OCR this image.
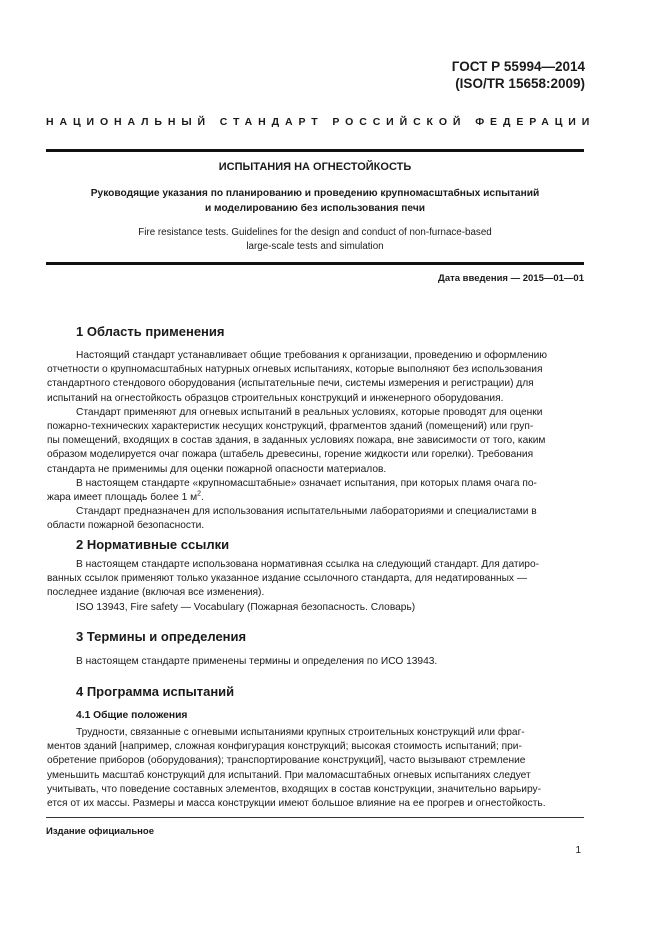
ГОСТ Р 55994—2014
(ISO/TR 15658:2009)
НАЦИОНАЛЬНЫЙ СТАНДАРТ РОССИЙСКОЙ ФЕДЕРАЦИИ
ИСПЫТАНИЯ НА ОГНЕСТОЙКОСТЬ
Руководящие указания по планированию и проведению крупномасштабных испытаний
и моделированию без использования печи
Fire resistance tests. Guidelines for the design and conduct of non-furnace-based
large-scale tests and simulation
Дата введения — 2015—01—01
1 Область применения
Настоящий стандарт устанавливает общие требования к организации, проведению и оформлению
отчетности о крупномасштабных натурных огневых испытаниях, которые выполняют без использования
стандартного стендового оборудования (испытательные печи, системы измерения и регистрации) для
испытаний на огнестойкость образцов строительных конструкций и инженерного оборудования.
Стандарт применяют для огневых испытаний в реальных условиях, которые проводят для оценки
пожарно-технических характеристик несущих конструкций, фрагментов зданий (помещений) или груп-
пы помещений, входящих в состав здания, в заданных условиях пожара, вне зависимости от того, каким
образом моделируется очаг пожара (штабель древесины, горение жидкости или горелки). Требования
стандарта не применимы для оценки пожарной опасности материалов.
В настоящем стандарте «крупномасштабные» означает испытания, при которых пламя очага по-
жара имеет площадь более 1 $м^2$.
Стандарт предназначен для использования испытательными лабораториями и специалистами в
области пожарной безопасности.
2 Нормативные ссылки
В настоящем стандарте использована нормативная ссылка на следующий стандарт. Для датиро-
ванных ссылок применяют только указанное издание ссылочного стандарта, для недатированных —
последнее издание (включая все изменения).
ISO 13943, Fire safety — Vocabulary (Пожарная безопасность. Словарь)
3 Термины и определения
В настоящем стандарте применены термины и определения по ИСО 13943.
4 Программа испытаний
4.1 Общие положения
Трудности, связанные с огневыми испытаниями крупных строительных конструкций или фраг-
ментов зданий [например, сложная конфигурация конструкций; высокая стоимость испытаний; при-
обретение приборов (оборудования); транспортирование конструкций], часто вызывают стремление
уменьшить масштаб конструкций для испытаний. При маломасштабных огневых испытаниях следует
учитывать, что поведение составных элементов, входящих в состав конструкции, значительно варьиру-
ется от их массы. Размеры и масса конструкции имеют большое влияние на ее прогрев и огнестойкость.
Издание официальное
1
